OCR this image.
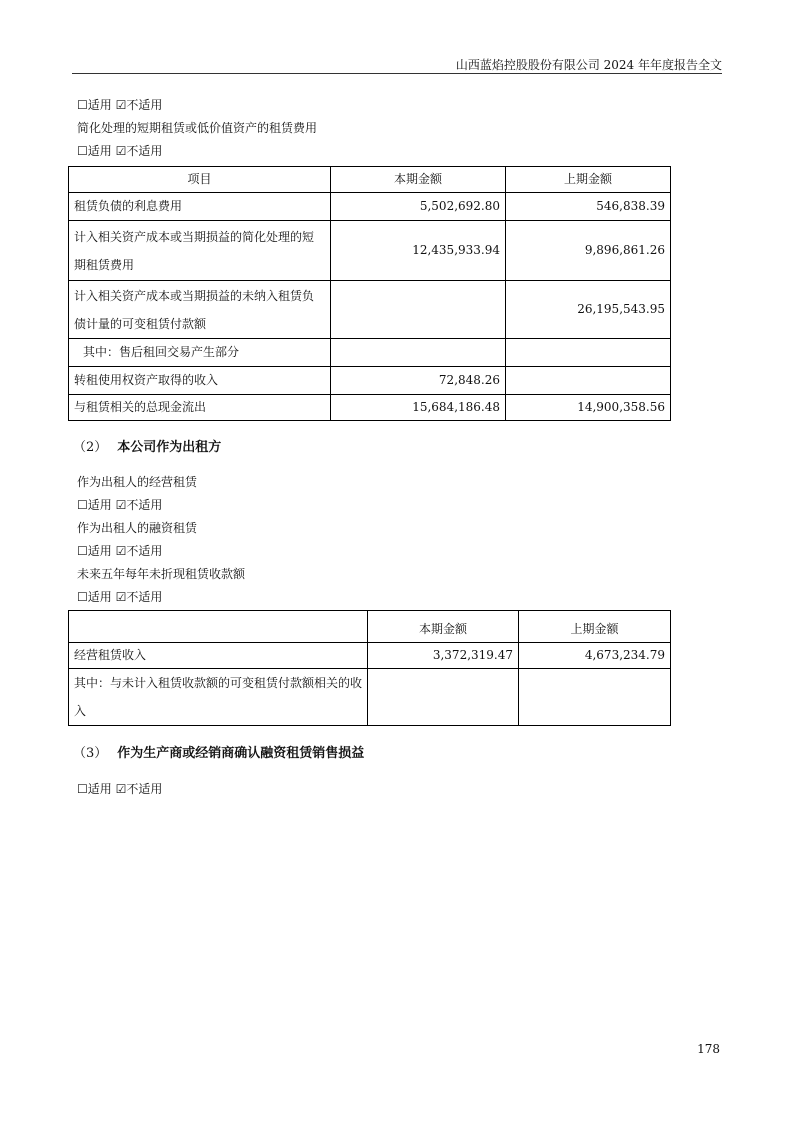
山西蓝焰控股股份有限公司 2024 年年度报告全文
☐适用 ☑不适用
简化处理的短期租赁或低价值资产的租赁费用
☐适用 ☑不适用
项目	本期金额	上期金额
租赁负债的利息费用	5,502,692.80	546,838.39
计入相关资产成本或当期损益的简化处理的短期租赁费用	12,435,933.94	9,896,861.26
计入相关资产成本或当期损益的未纳入租赁负债计量的可变租赁付款额		26,195,543.95
其中：售后租回交易产生部分		
转租使用权资产取得的收入	72,848.26	
与租赁相关的总现金流出	15,684,186.48	14,900,358.56
（2） 本公司作为出租方
作为出租人的经营租赁
☐适用 ☑不适用
作为出租人的融资租赁
☐适用 ☑不适用
未来五年每年未折现租赁收款额
☐适用 ☑不适用
	本期金额	上期金额
经营租赁收入	3,372,319.47	4,673,234.79
其中：与未计入租赁收款额的可变租赁付款额相关的收入		
（3） 作为生产商或经销商确认融资租赁销售损益
☐适用 ☑不适用
178
